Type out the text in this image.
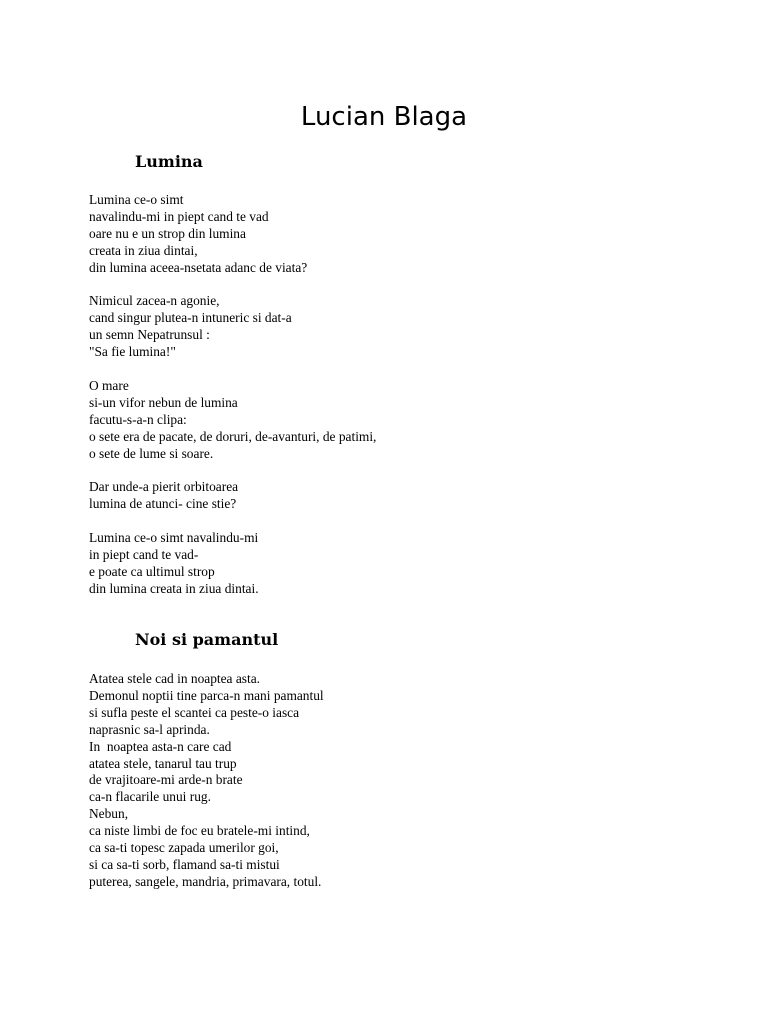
Lucian Blaga
Lumina
Lumina ce-o simt
navalindu-mi in piept cand te vad
oare nu e un strop din lumina
creata in ziua dintai,
din lumina aceea-nsetata adanc de viata?
Nimicul zacea-n agonie,
cand singur plutea-n intuneric si dat-a
un semn Nepatrunsul :
"Sa fie lumina!"
O mare
si-un vifor nebun de lumina
facutu-s-a-n clipa:
o sete era de pacate, de doruri, de-avanturi, de patimi,
o sete de lume si soare.
Dar unde-a pierit orbitoarea
lumina de atunci- cine stie?
Lumina ce-o simt navalindu-mi
in piept cand te vad-
e poate ca ultimul strop
din lumina creata in ziua dintai.
Noi si pamantul
Atatea stele cad in noaptea asta.
Demonul noptii tine parca-n mani pamantul
si sufla peste el scantei ca peste-o iasca
naprasnic sa-l aprinda.
In  noaptea asta-n care cad
atatea stele, tanarul tau trup
de vrajitoare-mi arde-n brate
ca-n flacarile unui rug.
Nebun,
ca niste limbi de foc eu bratele-mi intind,
ca sa-ti topesc zapada umerilor goi,
si ca sa-ti sorb, flamand sa-ti mistui
puterea, sangele, mandria, primavara, totul.
